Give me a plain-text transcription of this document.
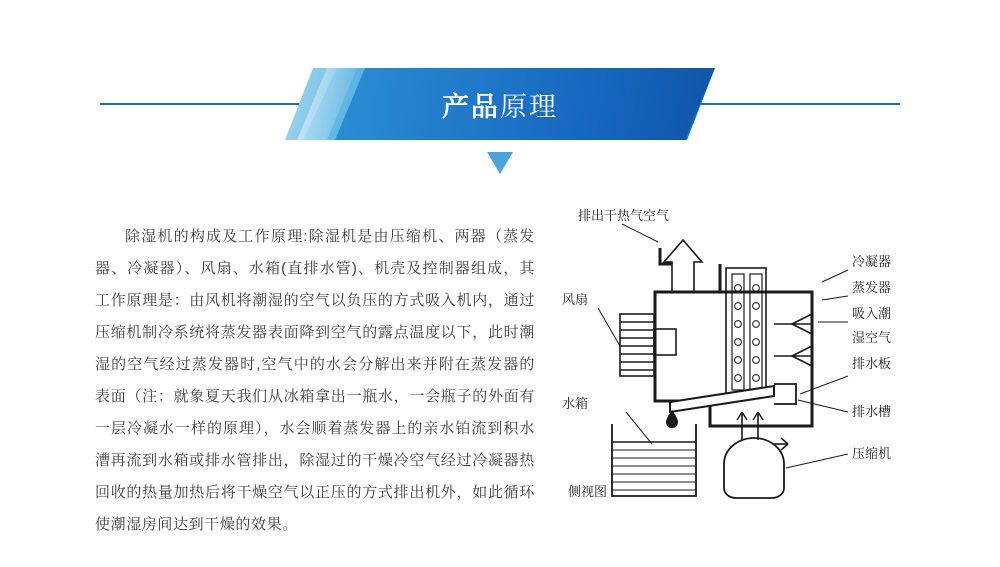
产品 原理

除湿机的构成及工作原理:除湿机是由压缩机、两器（蒸发器、冷凝器）、风扇、水箱(直排水管)、机壳及控制器组成，其工作原理是：由风机将潮湿的空气以负压的方式吸入机内，通过压缩机制冷系统将蒸发器表面降到空气的露点温度以下，此时潮湿的空气经过蒸发器时,空气中的水会分解出来并附在蒸发器的表面（注：就象夏天我们从冰箱拿出一瓶水，一会瓶子的外面有一层冷凝水一样的原理），水会顺着蒸发器上的亲水铂流到积水漕再流到水箱或排水管排出，除湿过的干燥冷空气经过冷凝器热回收的热量加热后将干燥空气以正压的方式排出机外，如此循环使潮湿房间达到干燥的效果。

排出干热气空气
风扇
水箱
侧视图
冷凝器
蒸发器
吸入潮
湿空气
排水板
排水槽
压缩机
